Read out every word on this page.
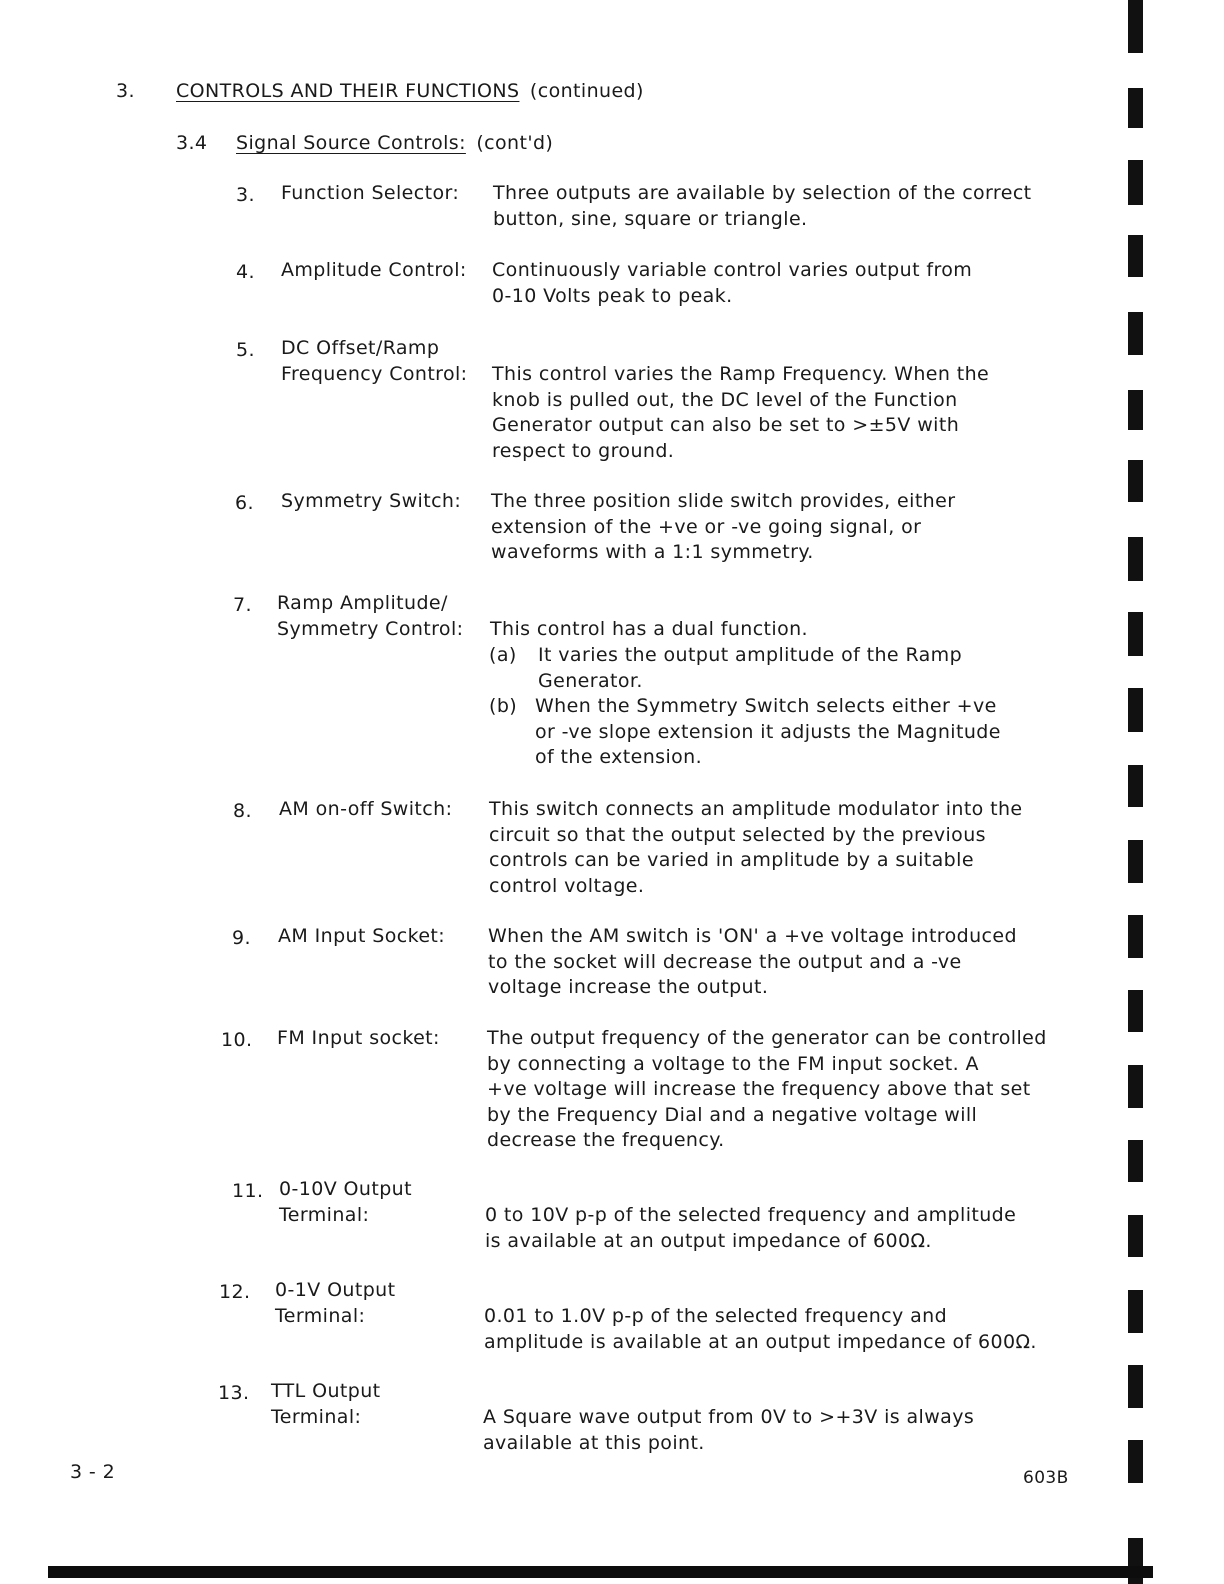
3. CONTROLS AND THEIR FUNCTIONS (continued)
3.4 Signal Source Controls: (cont'd)
3. Function Selector: Three outputs are available by selection of the correct
button, sine, square or triangle.
4. Amplitude Control: Continuously variable control varies output from
0-10 Volts peak to peak.
5. DC Offset/Ramp
Frequency Control: This control varies the Ramp Frequency. When the
knob is pulled out, the DC level of the Function
Generator output can also be set to >±5V with
respect to ground.
6. Symmetry Switch: The three position slide switch provides, either
extension of the +ve or -ve going signal, or
waveforms with a 1:1 symmetry.
7. Ramp Amplitude/
Symmetry Control: This control has a dual function.
(a) It varies the output amplitude of the Ramp
Generator.
(b) When the Symmetry Switch selects either +ve
or -ve slope extension it adjusts the Magnitude
of the extension.
8. AM on-off Switch: This switch connects an amplitude modulator into the
circuit so that the output selected by the previous
controls can be varied in amplitude by a suitable
control voltage.
9. AM Input Socket: When the AM switch is 'ON' a +ve voltage introduced
to the socket will decrease the output and a -ve
voltage increase the output.
10. FM Input socket: The output frequency of the generator can be controlled
by connecting a voltage to the FM input socket. A
+ve voltage will increase the frequency above that set
by the Frequency Dial and a negative voltage will
decrease the frequency.
11. 0-10V Output
Terminal:	0 to 10V p-p of the selected frequency and amplitude
is available at an output impedance of 600Ω.
12. 0-1V Output
Terminal:	0.01 to 1.0V p-p of the selected frequency and
amplitude is available at an output impedance of 600Ω.
13. TTL Output
Terminal:	A Square wave output from 0V to >+3V is always
available at this point.
3 - 2	603B
